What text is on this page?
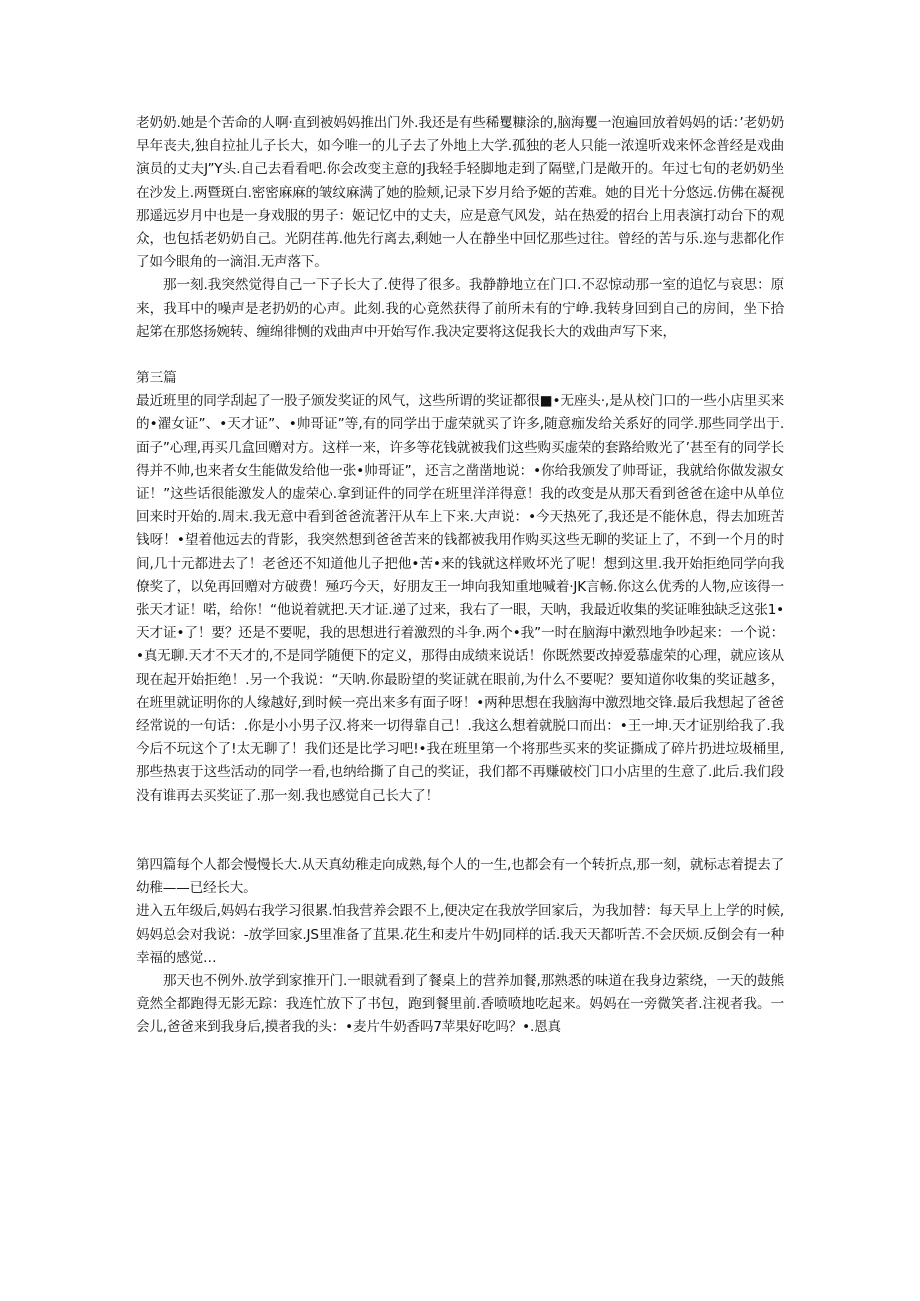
老奶奶.她是个苦命的人啊·直到被妈妈推出门外.我还是有些稀矍糠涂的,脑海矍一泡遍回放着妈妈的话：’老奶奶早年丧夫,独自拉扯儿子长大，如今唯一的儿子去了外地上大学.孤独的老人只能一浓遑听戏来怀念普经是戏曲演员的丈夫J”Y头.自己去看看吧.你会改变主意的J我轻手轻脚地走到了隔壁,门是敞开的。年过七旬的老奶奶坐在沙发上.两暨斑白.密密麻麻的皱纹麻满了她的脸颊,记录下岁月给予姬的苦难。她的目光十分悠远.仿佛在凝视那遥远岁月中也是一身戏服的男子：姬记忆中的丈夫，应是意气风发，站在热爱的招台上用表演打动台下的观众，也包括老奶奶自己。光阴荏苒.他先行离去,剩她一人在静坐中回忆那些过往。曾经的苦与乐.迩与悲都化作了如今眼角的一滴泪.无声落下。

那一刻.我突然觉得自己一下子长大了.使得了很多。我静静地立在门口.不忍惊动那一室的追忆与哀思：原来，我耳中的噪声是老扔奶的心声。此刻.我的心竟然获得了前所未有的宁峥.我转身回到自己的房间，坐下拾起笫在那悠扬婉转、缠绵徘恻的戏曲声中开始写作.我决定要将这促我长大的戏曲声写下来，

第三篇

最近班里的同学刮起了一股子颁发奖证的风气，这些所谓的奖证都很■•无座头·,是从校门口的一些小店里买来的•濯女证”、•天才证”、•帅哥证”等,有的同学出于虚荣就买了许多,随意痂发给关系好的同学.那些同学出于.面子”心理,再买几盒回赠对方。这样一来，许多等花钱就被我们这些购买虚荣的套路给败光了’甚至有的同学长得并不帅,也来者女生能做发给他一张•帅哥证”，还言之凿凿地说：•你给我颁发了帅哥证，我就给你做发淑女证！”这些话很能激发人的虚荣心.拿到证件的同学在班里洋洋得意！我的改变是从那天看到爸爸在途中从单位回来时开始的.周末.我无意中看到爸爸流著汗从车上下来.大声说：•今天热死了,我还是不能休息，得去加班苦钱呀！•望着他远去的背影，我突然想到爸爸苦来的钱都被我用作购买这些无聊的奖证上了，不到一个月的时间,几十元都进去了！老爸还不知道他儿子把他•苦•来的钱就这样败坏光了呢！想到这里.我开始拒绝同学向我僚奖了，以免再回赠对方破费！殛巧今天，好朋友王一坤向我知重地喊着·JK言畅.你这么优秀的人物,应该得一张天才证！喏，给你！“他说着就把.天才证.递了过来，我右了一眼，天呐，我最近收集的奖证唯独缺乏这张1•天才证•了！要？还是不要呢，我的思想进行着激烈的斗争.两个•我”一时在脑海中漱烈地争吵起来：一个说：•真无聊.天才不天才的,不是同学随便下的定义，那得由成绩来说话！你既然要改掉爱慕虚荣的心理，就应该从现在起开始拒绝！.另一个我说：“天呐.你最盼望的奖证就在眼前,为什么不要呢？要知道你收集的奖证越多，在班里就证明你的人缘越好,到时候一亮出来多有面子呀！•两种思想在我脑海中激烈地交锋.最后我想起了爸爸经常说的一句话：.你是小小男子汉.将来一切得靠自己！.我这么想着就脱口而出：•王一坤.天才证别给我了.我今后不玩这个了!太无聊了！我们还是比学习吧!•我在班里第一个将那些买来的奖证撕成了碎片扔进垃圾桶里,那些热衷于这些活动的同学一看,也纳给撕了自己的奖证，我们都不再赚破校门口小店里的生意了.此后.我们段没有谁再去买奖证了.那一刻.我也感觉自己长大了！

第四篇每个人都会慢慢长大.从天真幼稚走向成熟,每个人的一生,也都会有一个转折点,那一刻，就标志着提去了幼稚——已经长大。

进入五年级后,妈妈右我学习很累.怕我营养会跟不上,便决定在我放学回家后，为我加替：每天早上上学的时候,妈妈总会对我说：-放学回家.JS里准备了苴果.花生和麦片牛奶J同样的话.我天天都听苦.不会厌烦.反倒会有一种幸福的感觉…

那天也不例外.放学到家推开门.一眼就看到了餐桌上的营养加餐,那熟悉的味道在我身边萦绕，一天的鼓熊竟然全都跑得无影无踪：我连忙放下了书包，跑到餐里前.香喷喷地吃起来。妈妈在一旁微笑者.注视者我。一会儿,爸爸来到我身后,摸者我的头：•麦片牛奶香吗7苹果好吃吗？•.恩真
